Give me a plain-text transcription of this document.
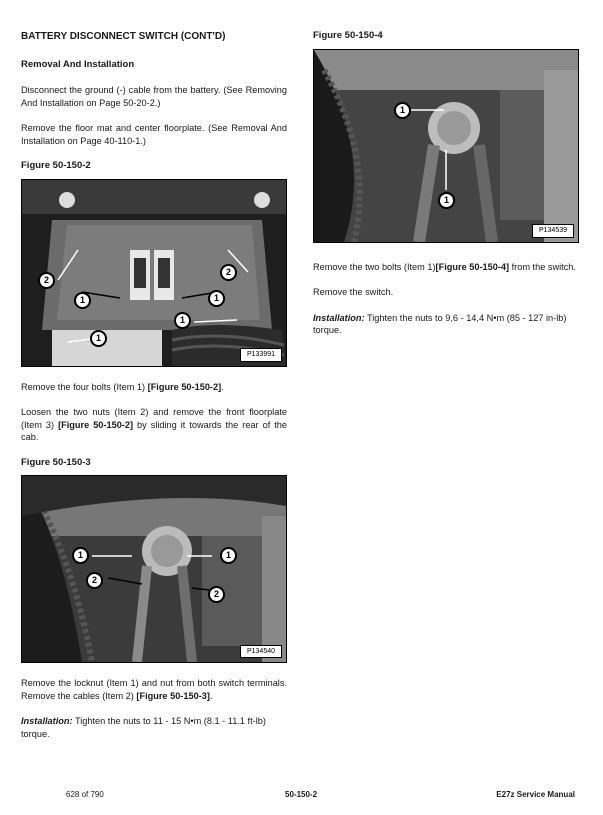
BATTERY DISCONNECT SWITCH (CONT'D)
Removal And Installation

Disconnect the ground (-) cable from the battery. (See Removing And Installation on Page 50-20-2.)

Remove the floor mat and center floorplate. (See Removal And Installation on Page 40-110-1.)

Figure 50-150-2
1	1
1
1
2
2
P133991

Remove the four bolts (Item 1) [Figure 50-150-2].

Loosen the two nuts (Item 2) and remove the front floorplate (Item 3) [Figure 50-150-2] by sliding it towards the rear of the cab.

Figure 50-150-3
1	1
2
2
P134540

Remove the locknut (Item 1) and nut from both switch terminals. Remove the cables (Item 2) [Figure 50-150-3].

Installation: Tighten the nuts to 11 - 15 N•m (8.1 - 11.1 ft-lb) torque.

Figure 50-150-4
1
1
P134539

Remove the two bolts (Item 1)[Figure 50-150-4] from the switch.

Remove the switch.

Installation: Tighten the nuts to 9,6 - 14,4 N•m (85 - 127 in-lb) torque.

628 of 790	50-150-2	E27z Service Manual
